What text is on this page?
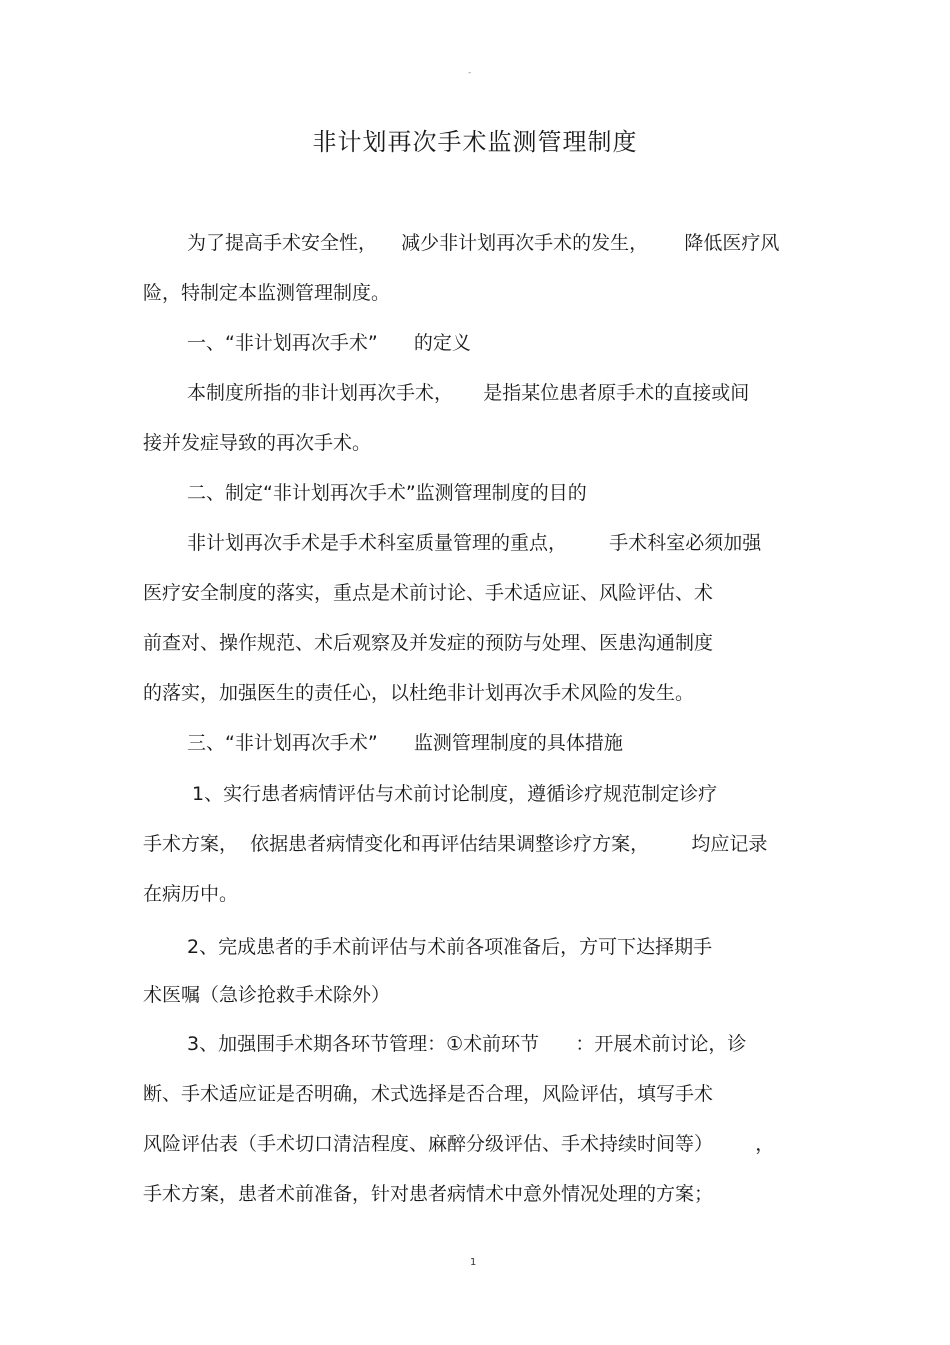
-
非计划再次手术监测管理制度
为了提高手术安全性，    减少非计划再次手术的发生，      降低医疗风
险，特制定本监测管理制度。
一、“非计划再次手术”      的定义
本制度所指的非计划再次手术，     是指某位患者原手术的直接或间
接并发症导致的再次手术。
二、制定“非计划再次手术”监测管理制度的目的
非计划再次手术是手术科室质量管理的重点，       手术科室必须加强
医疗安全制度的落实，重点是术前讨论、手术适应证、风险评估、术
前查对、操作规范、术后观察及并发症的预防与处理、医患沟通制度
的落实，加强医生的责任心，以杜绝非计划再次手术风险的发生。
三、“非计划再次手术”      监测管理制度的具体措施
1、实行患者病情评估与术前讨论制度，遵循诊疗规范制定诊疗
手术方案，  依据患者病情变化和再评估结果调整诊疗方案，       均应记录
在病历中。
2、完成患者的手术前评估与术前各项准备后，方可下达择期手
术医嘱（急诊抢救手术除外）
3、加强围手术期各环节管理：①术前环节      ：开展术前讨论，诊
断、手术适应证是否明确，术式选择是否合理，风险评估，填写手术
风险评估表（手术切口清洁程度、麻醉分级评估、手术持续时间等）       ，
手术方案，患者术前准备，针对患者病情术中意外情况处理的方案；
1
